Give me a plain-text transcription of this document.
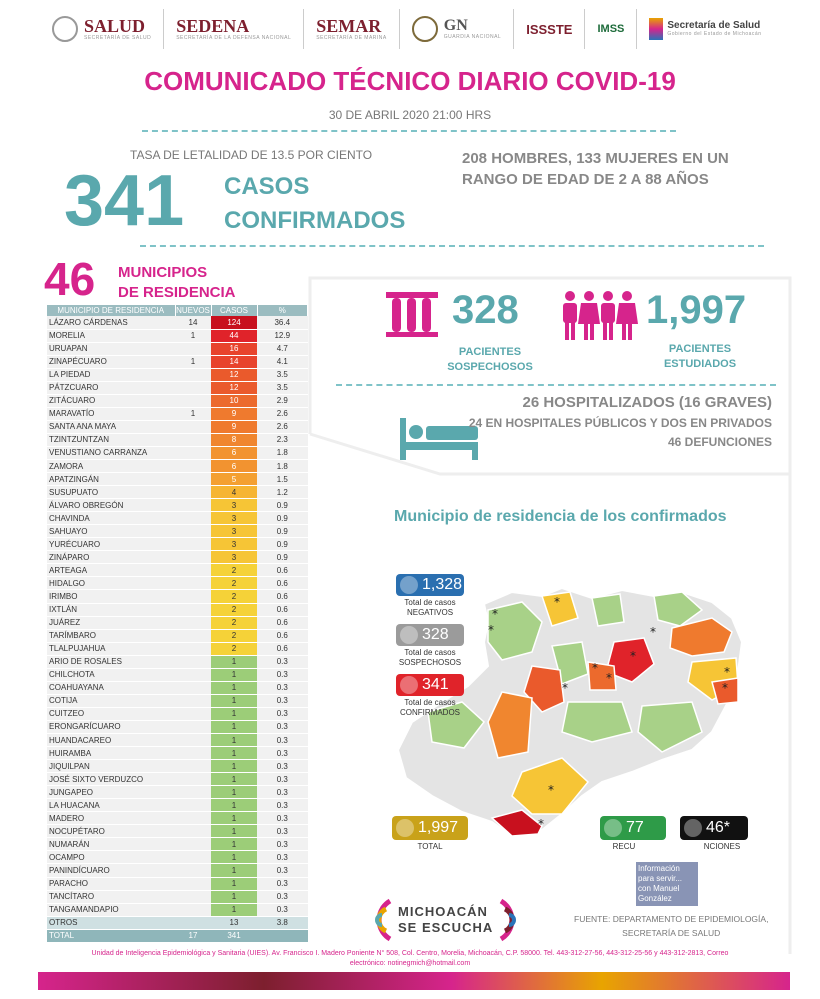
SALUD
SECRETARÍA DE SALUD
SEDENA
SECRETARÍA DE LA DEFENSA NACIONAL
SEMAR
SECRETARÍA DE MARINA
GN
GUARDIA NACIONAL
ISSSTE IMSS	Secretaría de Salud
Gobierno del Estado de Michoacán
COMUNICADO TÉCNICO DIARIO COVID-19
30 DE ABRIL 2020 21:00 HRS
TASA DE LETALIDAD DE 13.5 POR CIENTO
341 CASOS
CONFIRMADOS
208 HOMBRES, 133 MUJERES EN UN RANGO DE EDAD DE 2 A 88 AÑOS
46 MUNICIPIOS
DE RESIDENCIA
MUNICIPIO DE RESIDENCIA	NUEVOS	CASOS	%
LÁZARO CÁRDENAS	14	124	36.4
MORELIA	1	44	12.9
URUAPAN		16	4.7
ZINAPÉCUARO	1	14	4.1
LA PIEDAD		12	3.5
PÁTZCUARO		12	3.5
ZITÁCUARO		10	2.9
MARAVATÍO	1	9	2.6
SANTA ANA MAYA		9	2.6
TZINTZUNTZAN		8	2.3
VENUSTIANO CARRANZA		6	1.8
ZAMORA		6	1.8
APATZINGÁN		5	1.5
SUSUPUATO		4	1.2
ÁLVARO OBREGÓN		3	0.9
CHAVINDA		3	0.9
SAHUAYO		3	0.9
YURÉCUARO		3	0.9
ZINÁPARO		3	0.9
ARTEAGA		2	0.6
HIDALGO		2	0.6
IRIMBO		2	0.6
IXTLÁN		2	0.6
JUÁREZ		2	0.6
TARÍMBARO		2	0.6
TLALPUJAHUA		2	0.6
ARIO DE ROSALES		1	0.3
CHILCHOTA		1	0.3
COAHUAYANA		1	0.3
COTIJA		1	0.3
CUITZEO		1	0.3
ERONGARÍCUARO		1	0.3
HUANDACAREO		1	0.3
HUIRAMBA		1	0.3
JIQUILPAN		1	0.3
JOSÉ SIXTO VERDUZCO		1	0.3
JUNGAPEO		1	0.3
LA HUACANA		1	0.3
MADERO		1	0.3
NOCUPÉTARO		1	0.3
NUMARÁN		1	0.3
OCAMPO		1	0.3
PANINDÍCUARO		1	0.3
PARACHO		1	0.3
TANCÍTARO		1	0.3
TANGAMANDAPIO		1	0.3
OTROS		13	3.8
TOTAL	17	341	
328
PACIENTES
SOSPECHOSOS
1,997
PACIENTES
ESTUDIADOS
26 HOSPITALIZADOS (16 GRAVES)
24 EN HOSPITALES PÚBLICOS Y DOS EN PRIVADOS
46 DEFUNCIONES
Municipio de residencia de los confirmados
*
*
*	*
*
*
*
*
*
*
*
*
1,328
Total de casos
NEGATIVOS
328
Total de casos
SOSPECHOSOS
341
Total de casos
CONFIRMADOS
1,997
TOTAL
77
RECU
46*
NCIONES
Información para servir... con Manuel González
MICHOACÁN
SE ESCUCHA
FUENTE: DEPARTAMENTO DE EPIDEMIOLOGÍA,
SECRETARÍA DE SALUD
Unidad de Inteligencia Epidemiológica y Sanitaria (UIES). Av. Francisco I. Madero Poniente N° 508, Col. Centro, Morelia, Michoacán, C.P. 58000. Tel. 443-312-27-56, 443-312-25-56 y 443-312-2813, Correo
electrónico: notinegmich@hotmail.com
